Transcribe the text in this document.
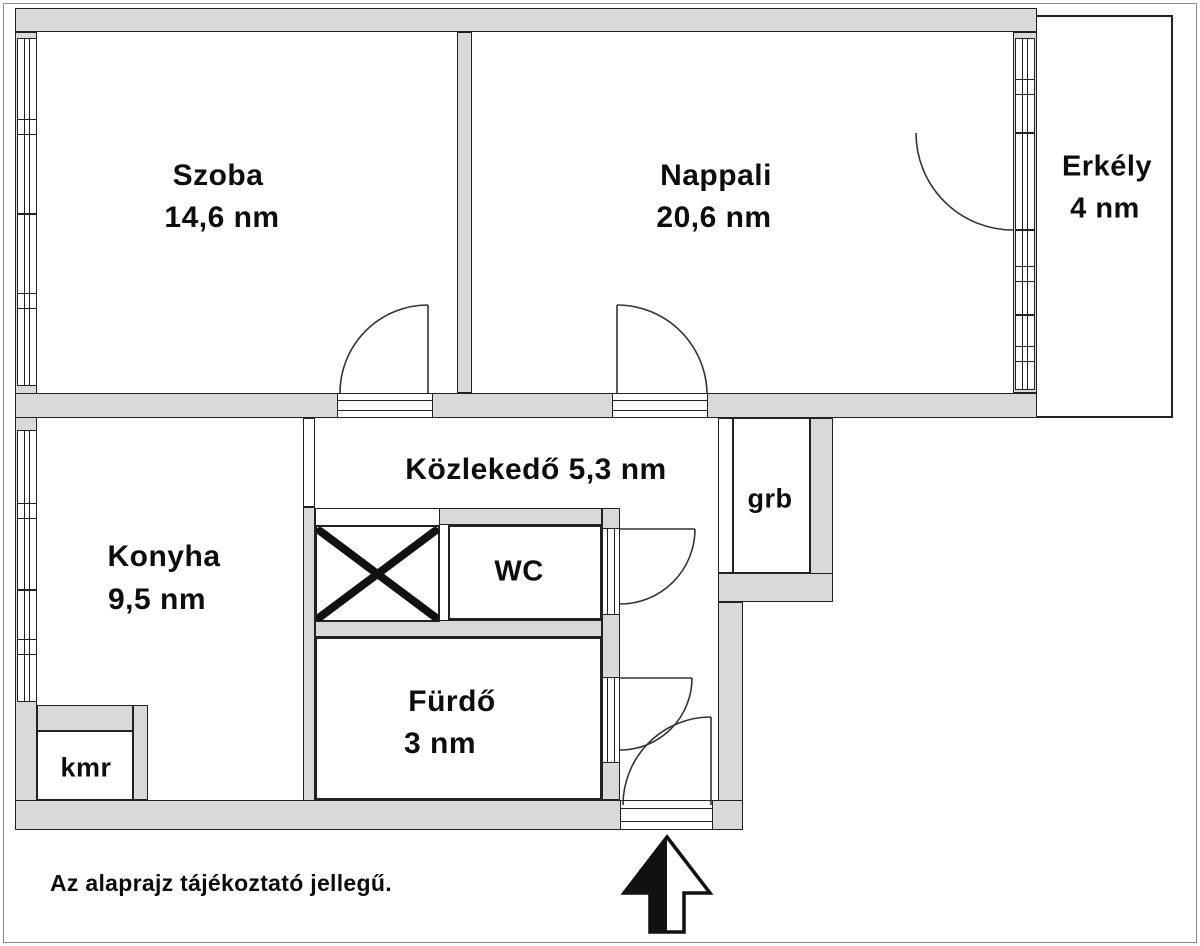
Szoba
14,6 nm
Nappali
20,6 nm
Erkély
4 nm
Közlekedő 5,3 nm
grb
Konyha
9,5 nm
WC
Fürdő
3 nm
kmr
Az alaprajz tájékoztató jellegű.
